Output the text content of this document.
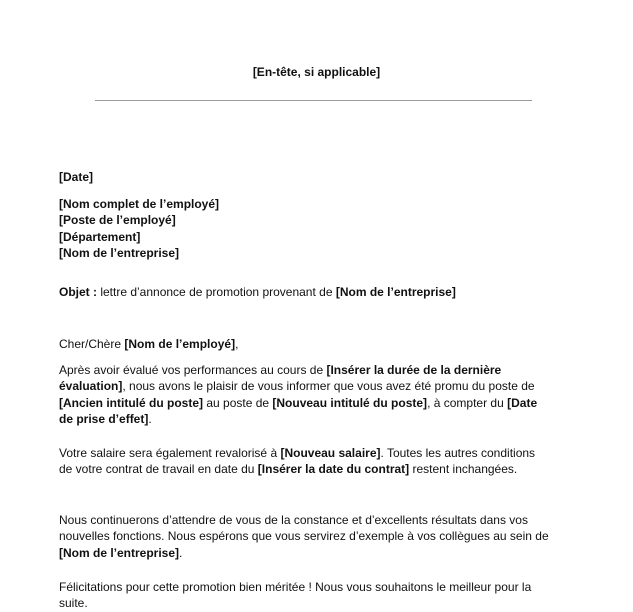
[En-tête, si applicable]
[Date]

[Nom complet de l’employé]

[Poste de l’employé]

[Département]

[Nom de l’entreprise]

Objet : lettre d’annonce de promotion provenant de [Nom de l’entreprise]

Cher/Chère [Nom de l’employé],

Après avoir évalué vos performances au cours de [Insérer la durée de la dernière évaluation], nous avons le plaisir de vous informer que vous avez été promu du poste de [Ancien intitulé du poste] au poste de [Nouveau intitulé du poste], à compter du [Date de prise d’effet].

Votre salaire sera également revalorisé à [Nouveau salaire]. Toutes les autres conditions de votre contrat de travail en date du [Insérer la date du contrat] restent inchangées.

Nous continuerons d’attendre de vous de la constance et d’excellents résultats dans vos nouvelles fonctions. Nous espérons que vous servirez d’exemple à vos collègues au sein de [Nom de l’entreprise].

Félicitations pour cette promotion bien méritée ! Nous vous souhaitons le meilleur pour la suite.
